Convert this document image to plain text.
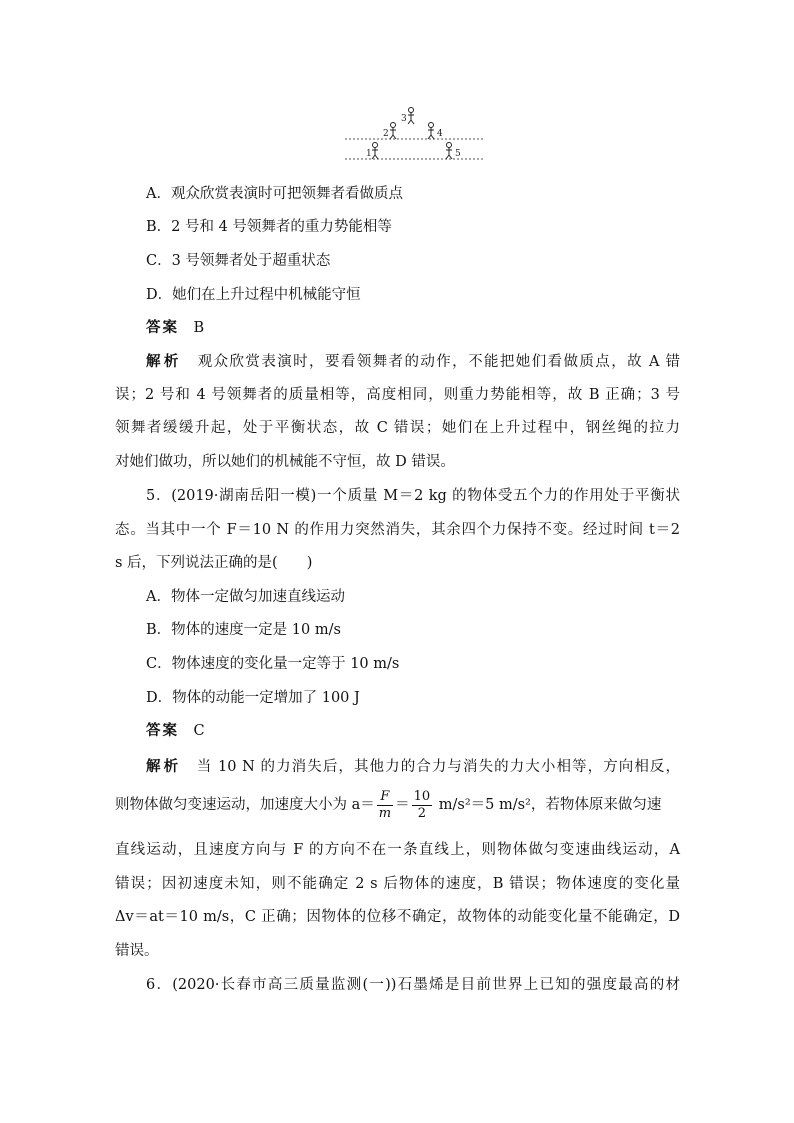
3
2	4
1	5
A．观众欣赏表演时可把领舞者看做质点
B．2 号和 4 号领舞者的重力势能相等
C．3 号领舞者处于超重状态
D．她们在上升过程中机械能守恒
答案　 B
解析　 观众欣赏表演时，要看领舞者的动作，不能把她们看做质点，故 A 错
误；2 号和 4 号领舞者的质量相等，高度相同，则重力势能相等，故 B 正确；3 号
领舞者缓缓升起，处于平衡状态，故 C 错误；她们在上升过程中，钢丝绳的拉力
对她们做功，所以她们的机械能不守恒，故 D 错误。
5．(2019·湖南岳阳一模)一个质量 M＝2 kg 的物体受五个力的作用处于平衡状
态。当其中一个 F＝10 N 的作用力突然消失，其余四个力保持不变。经过时间 t＝2
s 后，下列说法正确的是(　　)
A．物体一定做匀加速直线运动
B．物体的速度一定是 10 m/s
C．物体速度的变化量一定等于 10 m/s
D．物体的动能一定增加了 100 J
答案　 C
解析　 当 10 N 的力消失后，其他力的合力与消失的力大小相等，方向相反，
则物体做匀变速运动，加速度大小为 $a= \frac{F}{m} = \frac{10}{2} m/s^2=5$ m/s²，若物体原来做匀速
直线运动，且速度方向与 F 的方向不在一条直线上，则物体做匀变速曲线运动，A
错误；因初速度未知，则不能确定 2 s 后物体的速度，B 错误；物体速度的变化量
Δv＝at＝10 m/s，C 正确；因物体的位移不确定，故物体的动能变化量不能确定，D
错误。
6．(2020·长春市高三质量监测(一))石墨烯是目前世界上已知的强度最高的材
